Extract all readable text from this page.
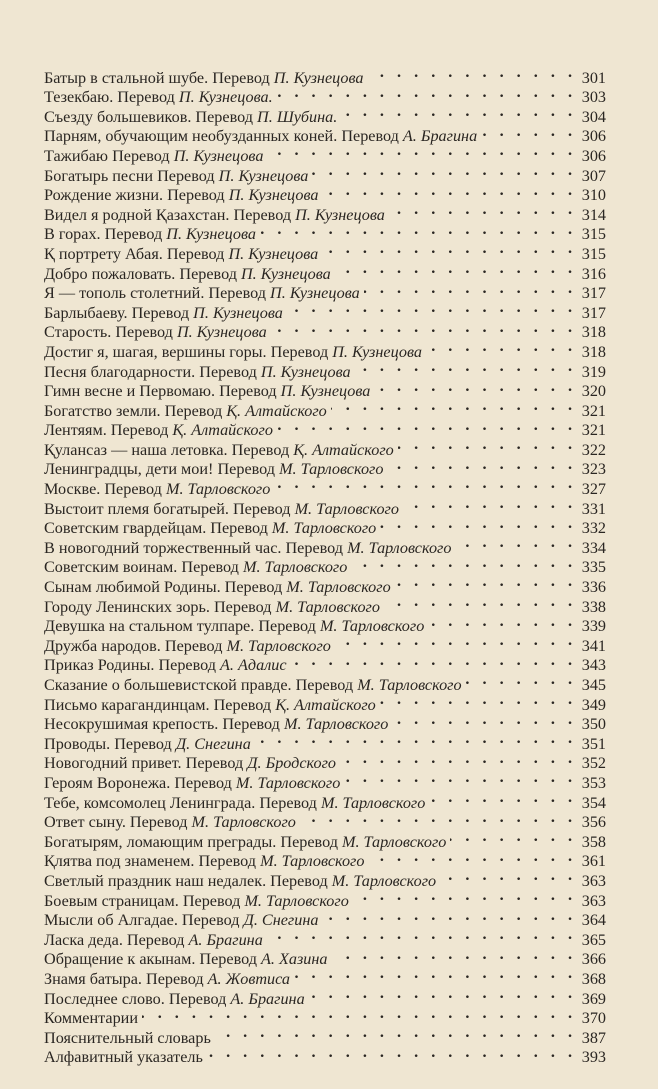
Батыр в стальной шубе. Перевод П. Кузнецова . . .	301
Тезекбаю. Перевод П. Кузнецова. . . .	303
Съезду большевиков. Перевод П. Шубина. . . .	304
Парням, обучающим необузданных коней. Перевод А. Брагина . . .	306
Тажибаю Перевод П. Кузнецова . . .	306
Богатырь песни Перевод П. Кузнецова . . .	307
Рождение жизни. Перевод П. Кузнецова . . .	310
Видел я родной Қазахстан. Перевод П. Кузнецова . . .	314
В горах. Перевод П. Кузнецова . . .	315
Қ портрету Абая. Перевод П. Кузнецова . . .	315
Добро пожаловать. Перевод П. Кузнецова . . .	316
Я — тополь столетний. Перевод П. Кузнецова . . .	317
Барлыбаеву. Перевод П. Кузнецова . . .	317
Старость. Перевод П. Кузнецова . . .	318
Достиг я, шагая, вершины горы. Перевод П. Кузнецова . . .	318
Песня благодарности. Перевод П. Кузнецова . . .	319
Гимн весне и Первомаю. Перевод П. Кузнецова . . .	320
Богатство земли. Перевод Қ. Алтайского . . .	321
Лентяям. Перевод Қ. Алтайского . . .	321
Қулансаз — наша летовка. Перевод Қ. Алтайского . . .	322
Ленинградцы, дети мои! Перевод М. Тарловского . . .	323
Москве. Перевод М. Тарловского . . .	327
Выстоит племя богатырей. Перевод М. Тарловского . . .	331
Советским гвардейцам. Перевод М. Тарловского . . .	332
В новогодний торжественный час. Перевод М. Тарловского . . .	334
Советским воинам. Перевод М. Тарловского . . .	335
Сынам любимой Родины. Перевод М. Тарловского . . .	336
Городу Ленинских зорь. Перевод М. Тарловского . . .	338
Девушка на стальном тулпаре. Перевод М. Тарловского . . .	339
Дружба народов. Перевод М. Тарловского . . .	341
Приказ Родины. Перевод А. Адалис . . .	343
Сказание о большевистской правде. Перевод М. Тарловского . . .	345
Письмо карагандинцам. Перевод Қ. Алтайского . . .	349
Несокрушимая крепость. Перевод М. Тарловского . . .	350
Проводы. Перевод Д. Снегина . . .	351
Новогодний привет. Перевод Д. Бродского . . .	352
Героям Воронежа. Перевод М. Тарловского . . .	353
Тебе, комсомолец Ленинграда. Перевод М. Тарловского . . .	354
Ответ сыну. Перевод М. Тарловского . . .	356
Богатырям, ломающим преграды. Перевод М. Тарловского . . .	358
Қлятва под знаменем. Перевод М. Тарловского . . .	361
Светлый праздник наш недалек. Перевод М. Тарловского . . .	363
Боевым страницам. Перевод М. Тарловского . . .	363
Мысли об Алгадае. Перевод Д. Снегина . . .	364
Ласка деда. Перевод А. Брагина . . .	365
Обращение к акынам. Перевод А. Хазина . . .	366
Знамя батыра. Перевод А. Жовтиса . . .	368
Последнее слово. Перевод А. Брагина . . .	369
Комментарии . . .	370
Пояснительный словарь . . .	387
Алфавитный указатель . . .	393
